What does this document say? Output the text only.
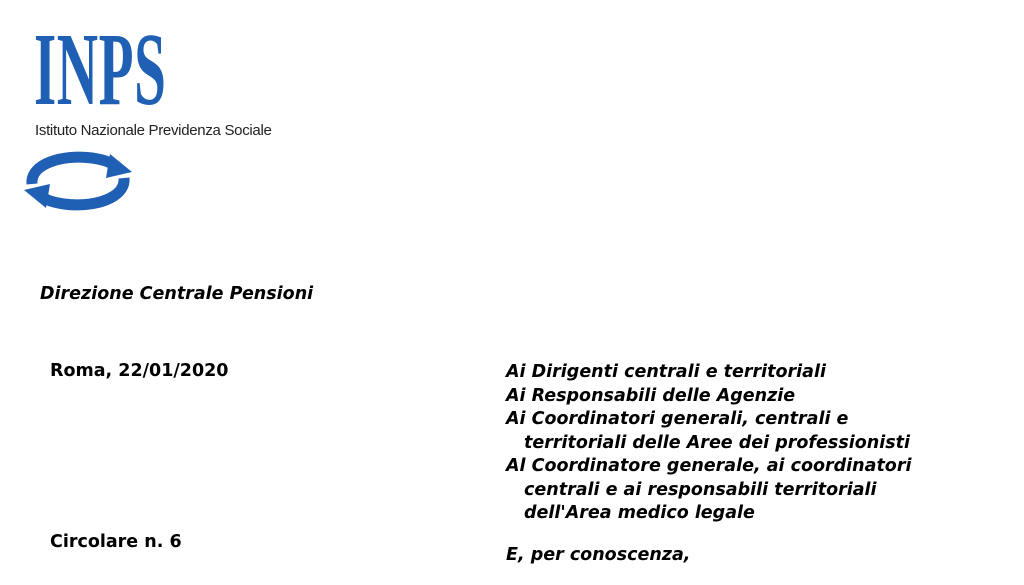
INPS

Istituto Nazionale Previdenza Sociale

Direzione Centrale Pensioni

Roma, 22/01/2020	Ai Dirigenti centrali e territoriali
Ai Responsabili delle Agenzie
Ai Coordinatori generali, centrali e
territoriali delle Aree dei professionisti
Al Coordinatore generale, ai coordinatori
centrali e ai responsabili territoriali
dell'Area medico legale

Circolare n. 6

E, per conoscenza,
